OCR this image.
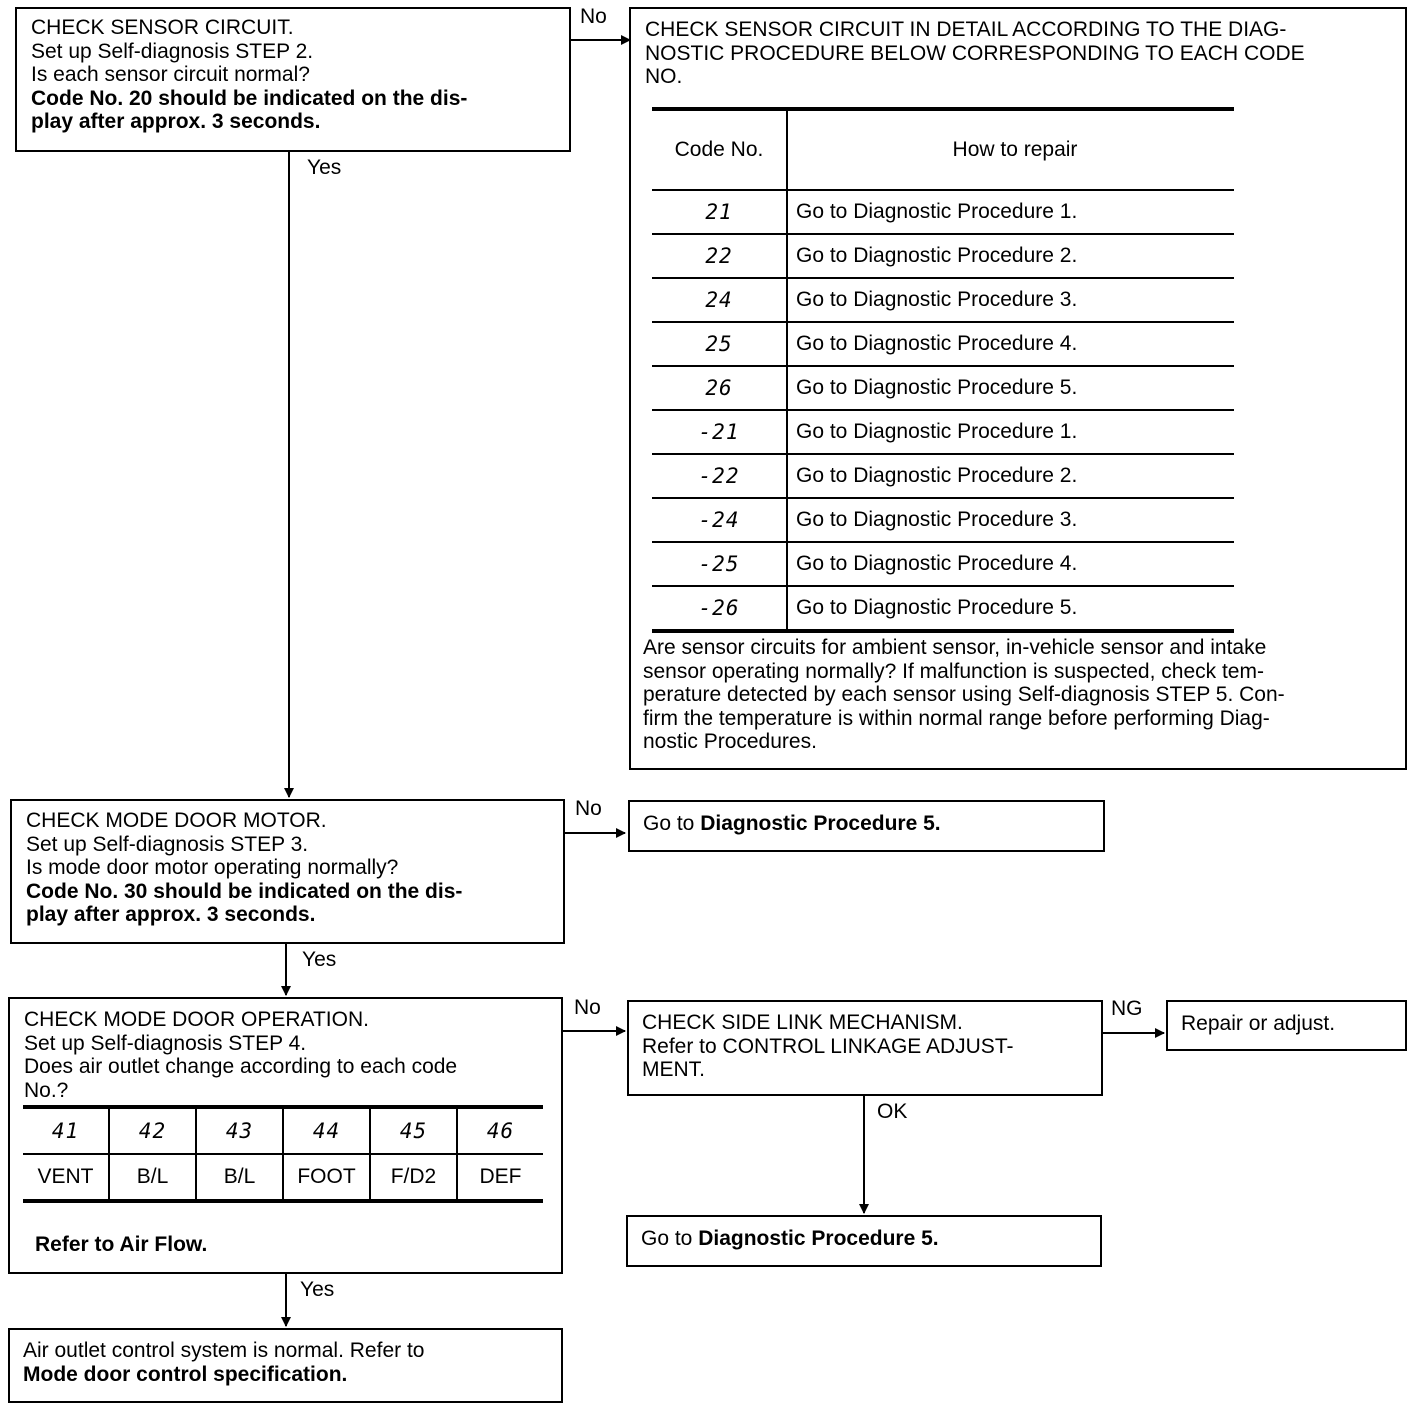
CHECK SENSOR CIRCUIT.

Set up Self-diagnosis STEP 2.

Is each sensor circuit normal?

Code No. 20 should be indicated on the dis-

play after approx. 3 seconds.

No
Yes

CHECK SENSOR CIRCUIT IN DETAIL ACCORDING TO THE DIAG-

NOSTIC PROCEDURE BELOW CORRESPONDING TO EACH CODE

NO.

Code No.	How to repair
21	Go to Diagnostic Procedure 1.
22	Go to Diagnostic Procedure 2.
24	Go to Diagnostic Procedure 3.
25	Go to Diagnostic Procedure 4.
26	Go to Diagnostic Procedure 5.
-21	Go to Diagnostic Procedure 1.
-22	Go to Diagnostic Procedure 2.
-24	Go to Diagnostic Procedure 3.
-25	Go to Diagnostic Procedure 4.
-26	Go to Diagnostic Procedure 5.
Are sensor circuits for ambient sensor, in-vehicle sensor and intake
sensor operating normally? If malfunction is suspected, check tem-
perature detected by each sensor using Self-diagnosis STEP 5. Con-
firm the temperature is within normal range before performing Diag-
nostic Procedures.

CHECK MODE DOOR MOTOR.

Set up Self-diagnosis STEP 3.

Is mode door motor operating normally?

Code No. 30 should be indicated on the dis-

play after approx. 3 seconds.

No
Yes
Go to Diagnostic Procedure 5.

CHECK MODE DOOR OPERATION.

Set up Self-diagnosis STEP 4.

Does air outlet change according to each code

No.?

41	42	43	44	45	46
VENT	B/L	B/L	FOOT	F/D2	DEF
Refer to Air Flow.
No
Yes

CHECK SIDE LINK MECHANISM.

Refer to CONTROL LINKAGE ADJUST-

MENT.

NG
OK
Repair or adjust.
Go to Diagnostic Procedure 5.

Air outlet control system is normal. Refer to

Mode door control specification.
